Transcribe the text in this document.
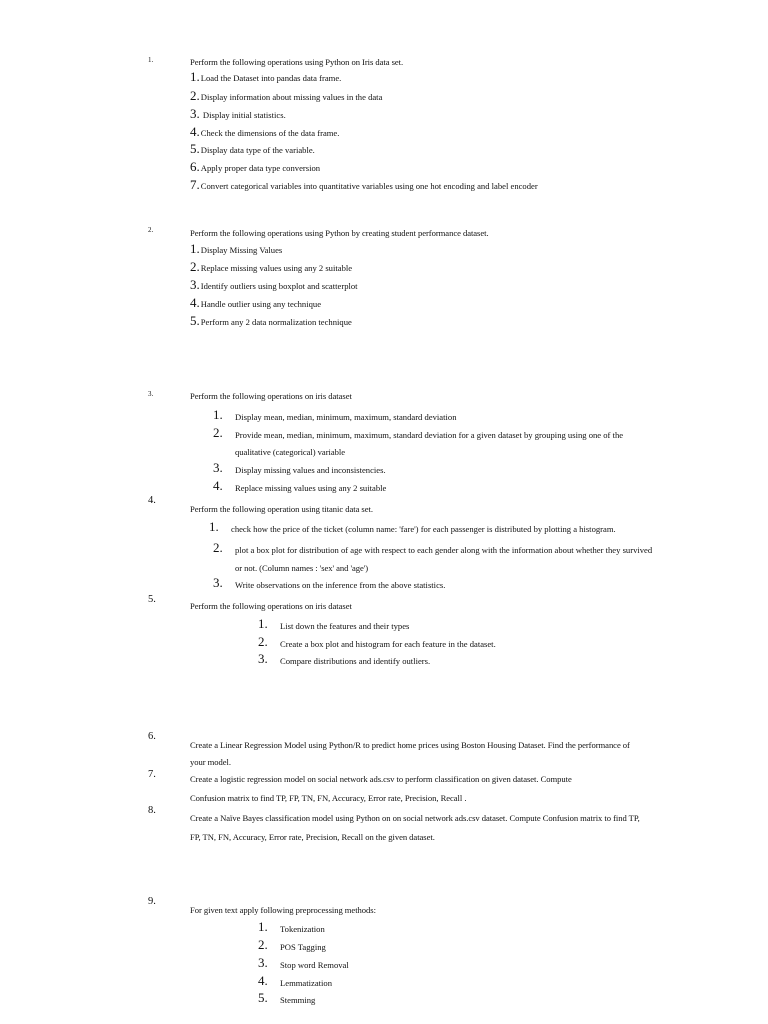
1.	Perform the following operations using Python on Iris data set.
1.Load the Dataset into pandas data frame.
2.Display information about missing values in the data
3. Display initial statistics.
4.Check the dimensions of the data frame.
5.Display data type of the variable.
6.Apply proper data type conversion
7.Convert categorical variables into quantitative variables using one hot encoding and label encoder
2.	Perform the following operations using Python by creating student performance dataset.
1.Display Missing Values
2.Replace missing values using any 2 suitable
3.Identify outliers using boxplot and scatterplot
4.Handle outlier using any technique
5.Perform any 2 data normalization technique
3.	Perform the following operations on iris dataset
1. Display mean, median, minimum, maximum, standard deviation
2. Provide mean, median, minimum, maximum, standard deviation for a given dataset by grouping using one of the
qualitative (categorical) variable
3. Display missing values and inconsistencies.
4. Replace missing values using any 2 suitable
4.
Perform the following operation using titanic data set.
1. check how the price of the ticket (column name: 'fare') for each passenger is distributed by plotting a histogram.
2. plot a box plot for distribution of age with respect to each gender along with the information about whether they survived
or not. (Column names : 'sex' and 'age')
3. Write observations on the inference from the above statistics.
5.
Perform the following operations on iris dataset
1. List down the features and their types
2. Create a box plot and histogram for each feature in the dataset.
3. Compare distributions and identify outliers.
6.
Create a Linear Regression Model using Python/R to predict home prices using Boston Housing Dataset. Find the performance of
your model.
7.	Create a logistic regression model on social network ads.csv to perform classification on given dataset. Compute
Confusion matrix to find TP, FP, TN, FN, Accuracy, Error rate, Precision, Recall .
8.
Create a Naïve Bayes classification model using Python on on social network ads.csv dataset. Compute Confusion matrix to find TP,
FP, TN, FN, Accuracy, Error rate, Precision, Recall on the given dataset.
9.
For given text apply following preprocessing methods:
1. Tokenization
2. POS Tagging
3. Stop word Removal
4. Lemmatization
5. Stemming
